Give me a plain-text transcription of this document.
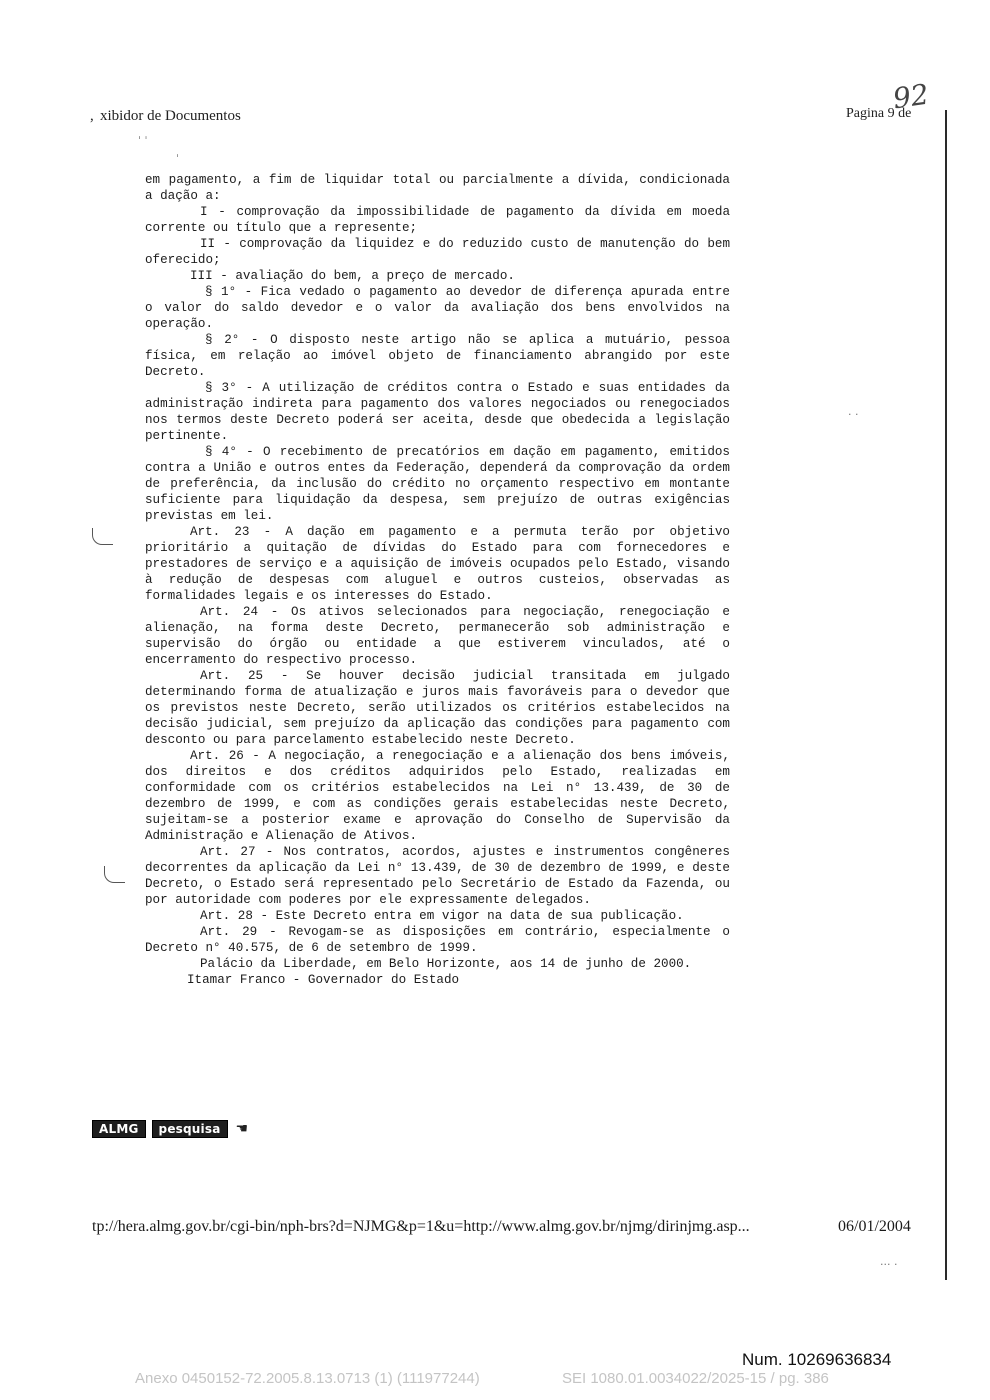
ˈ ˈ
ˈ
· ·
··· ·
, xibidor de Documentos	Pagina 9 de
92

em pagamento, a fim de liquidar total ou parcialmente a dívida, condicionada a dação a:

I - comprovação da impossibilidade de pagamento da dívida em moeda corrente ou título que a represente;

II - comprovação da liquidez e do reduzido custo de manutenção do bem oferecido;

III - avaliação do bem, a preço de mercado.

§ 1° - Fica vedado o pagamento ao devedor de diferença apurada entre o valor do saldo devedor e o valor da avaliação dos bens envolvidos na operação.

§ 2° - O disposto neste artigo não se aplica a mutuário, pessoa física, em relação ao imóvel objeto de financiamento abrangido por este Decreto.

§ 3° - A utilização de créditos contra o Estado e suas entidades da administração indireta para pagamento dos valores negociados ou renegociados nos termos deste Decreto poderá ser aceita, desde que obedecida a legislação pertinente.

§ 4° - O recebimento de precatórios em dação em pagamento, emitidos contra a União e outros entes da Federação, dependerá da comprovação da ordem de preferência, da inclusão do crédito no orçamento respectivo em montante suficiente para liquidação da despesa, sem prejuízo de outras exigências previstas em lei.

Art. 23 - A dação em pagamento e a permuta terão por objetivo prioritário a quitação de dívidas do Estado para com fornecedores e prestadores de serviço e a aquisição de imóveis ocupados pelo Estado, visando à redução de despesas com aluguel e outros custeios, observadas as formalidades legais e os interesses do Estado.

Art. 24 - Os ativos selecionados para negociação, renegociação e alienação, na forma deste Decreto, permanecerão sob administração e supervisão do órgão ou entidade a que estiverem vinculados, até o encerramento do respectivo processo.

Art. 25 - Se houver decisão judicial transitada em julgado determinando forma de atualização e juros mais favoráveis para o devedor que os previstos neste Decreto, serão utilizados os critérios estabelecidos na decisão judicial, sem prejuízo da aplicação das condições para pagamento com desconto ou para parcelamento estabelecido neste Decreto.

Art. 26 - A negociação, a renegociação e a alienação dos bens imóveis, dos direitos e dos créditos adquiridos pelo Estado, realizadas em conformidade com os critérios estabelecidos na Lei n° 13.439, de 30 de dezembro de 1999, e com as condições gerais estabelecidas neste Decreto, sujeitam-se a posterior exame e aprovação do Conselho de Supervisão da Administração e Alienação de Ativos.

Art. 27 - Nos contratos, acordos, ajustes e instrumentos congêneres decorrentes da aplicação da Lei n° 13.439, de 30 de dezembro de 1999, e deste Decreto, o Estado será representado pelo Secretário de Estado da Fazenda, ou por autoridade com poderes por ele expressamente delegados.

Art. 28 - Este Decreto entra em vigor na data de sua publicação.

Art. 29 - Revogam-se as disposições em contrário, especialmente o Decreto n° 40.575, de 6 de setembro de 1999.

Palácio da Liberdade, em Belo Horizonte, aos 14 de junho de 2000.

Itamar Franco - Governador do Estado

ALMG	pesquisa	☚
tp://hera.almg.gov.br/cgi-bin/nph-brs?d=NJMG&p=1&u=http://www.almg.gov.br/njmg/dirinjmg.asp...	06/01/2004
Num. 10269636834
Anexo 0450152-72.2005.8.13.0713 (1) (111977244)	SEI 1080.01.0034022/2025-15 / pg. 386
